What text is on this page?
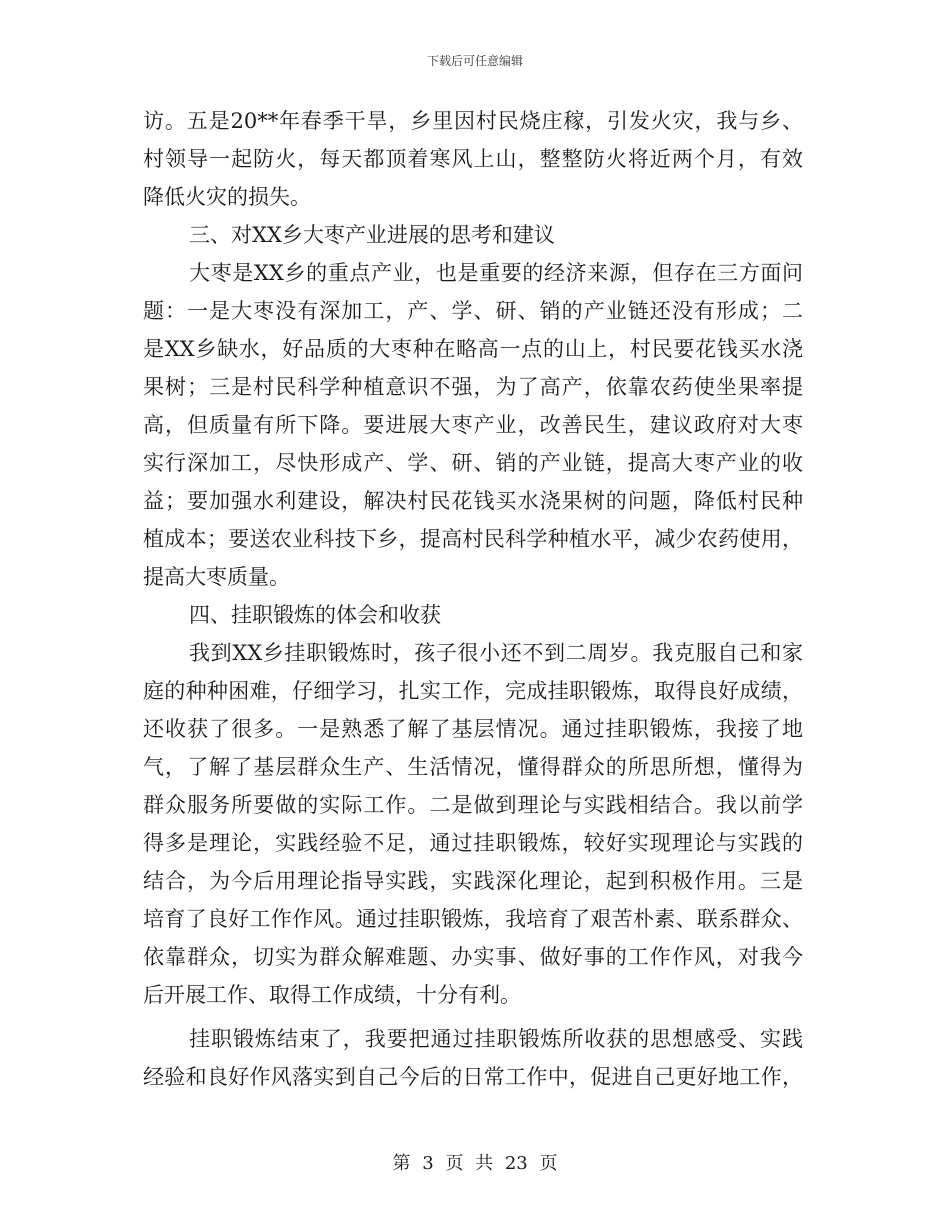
下载后可任意编辑
访。五是20**年春季干旱，乡里因村民烧庄稼，引发火灾，我与乡、
村领导一起防火，每天都顶着寒风上山，整整防火将近两个月，有效
降低火灾的损失。
三、对XX乡大枣产业进展的思考和建议
大枣是XX乡的重点产业，也是重要的经济来源，但存在三方面问
题：一是大枣没有深加工，产、学、研、销的产业链还没有形成；二
是XX乡缺水，好品质的大枣种在略高一点的山上，村民要花钱买水浇
果树；三是村民科学种植意识不强，为了高产，依靠农药使坐果率提
高，但质量有所下降。要进展大枣产业，改善民生，建议政府对大枣
实行深加工，尽快形成产、学、研、销的产业链，提高大枣产业的收
益；要加强水利建设，解决村民花钱买水浇果树的问题，降低村民种
植成本；要送农业科技下乡，提高村民科学种植水平，减少农药使用，
提高大枣质量。
四、挂职锻炼的体会和收获
我到XX乡挂职锻炼时，孩子很小还不到二周岁。我克服自己和家
庭的种种困难，仔细学习，扎实工作，完成挂职锻炼，取得良好成绩，
还收获了很多。一是熟悉了解了基层情况。通过挂职锻炼，我接了地
气，了解了基层群众生产、生活情况，懂得群众的所思所想，懂得为
群众服务所要做的实际工作。二是做到理论与实践相结合。我以前学
得多是理论，实践经验不足，通过挂职锻炼，较好实现理论与实践的
结合，为今后用理论指导实践，实践深化理论，起到积极作用。三是
培育了良好工作作风。通过挂职锻炼，我培育了艰苦朴素、联系群众、
依靠群众，切实为群众解难题、办实事、做好事的工作作风，对我今
后开展工作、取得工作成绩，十分有利。
挂职锻炼结束了，我要把通过挂职锻炼所收获的思想感受、实践
经验和良好作风落实到自己今后的日常工作中，促进自己更好地工作，
第 3 页 共 23 页
